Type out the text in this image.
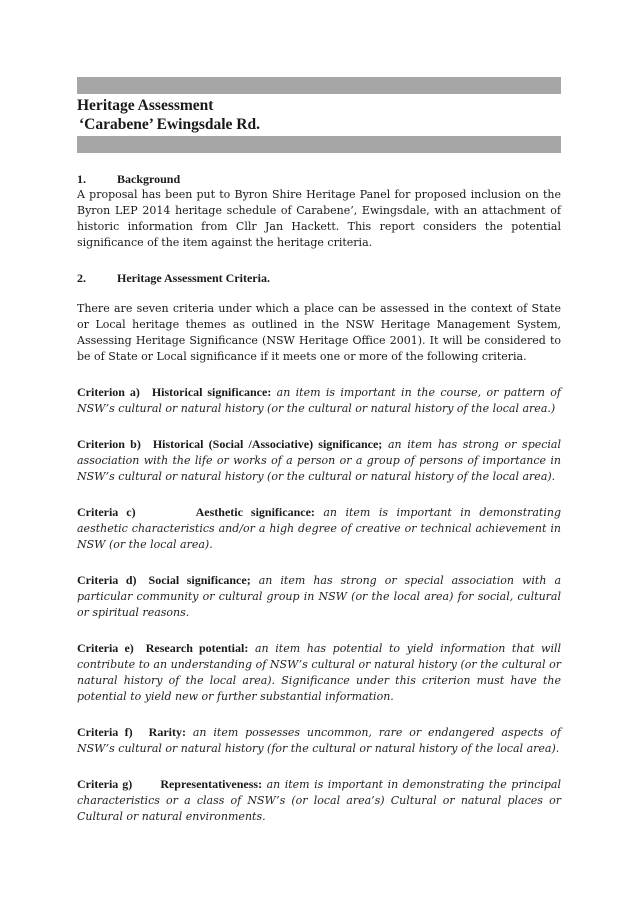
Heritage Assessment

‘Carabene’ Ewingsdale Rd.

1.	Background

A proposal has been put to Byron Shire Heritage Panel for proposed inclusion on the Byron LEP 2014 heritage schedule of Carabene’, Ewingsdale, with an attachment of historic information from Cllr Jan Hackett. This report considers the potential significance of the item against the heritage criteria.

2.	Heritage Assessment Criteria.

There are seven criteria under which a place can be assessed in the context of State or Local heritage themes as outlined in the NSW Heritage Management System, Assessing Heritage Significance (NSW Heritage Office 2001). It will be considered to be of State or Local significance if it meets one or more of the following criteria.

Criterion a) Historical significance: an item is important in the course, or pattern of NSW’s cultural or natural history (or the cultural or natural history of the local area.)

Criterion b) Historical (Social /Associative) significance; an item has strong or special association with the life or works of a person or a group of persons of importance in NSW’s cultural or natural history (or the cultural or natural history of the local area).

Criteria c)	Aesthetic significance: an item is important in demonstrating aesthetic characteristics and/or a high degree of creative or technical achievement in NSW (or the local area).

Criteria d) Social significance; an item has strong or special association with a particular community or cultural group in NSW (or the local area) for social, cultural or spiritual reasons.

Criteria e) Research potential: an item has potential to yield information that will contribute to an understanding of NSW’s cultural or natural history (or the cultural or natural history of the local area). Significance under this criterion must have the potential to yield new or further substantial information.

Criteria f) Rarity: an item possesses uncommon, rare or endangered aspects of NSW’s cultural or natural history (for the cultural or natural history of the local area).

Criteria g) Representativeness: an item is important in demonstrating the principal characteristics or a class of NSW’s (or local area’s) Cultural or natural places or Cultural or natural environments.
